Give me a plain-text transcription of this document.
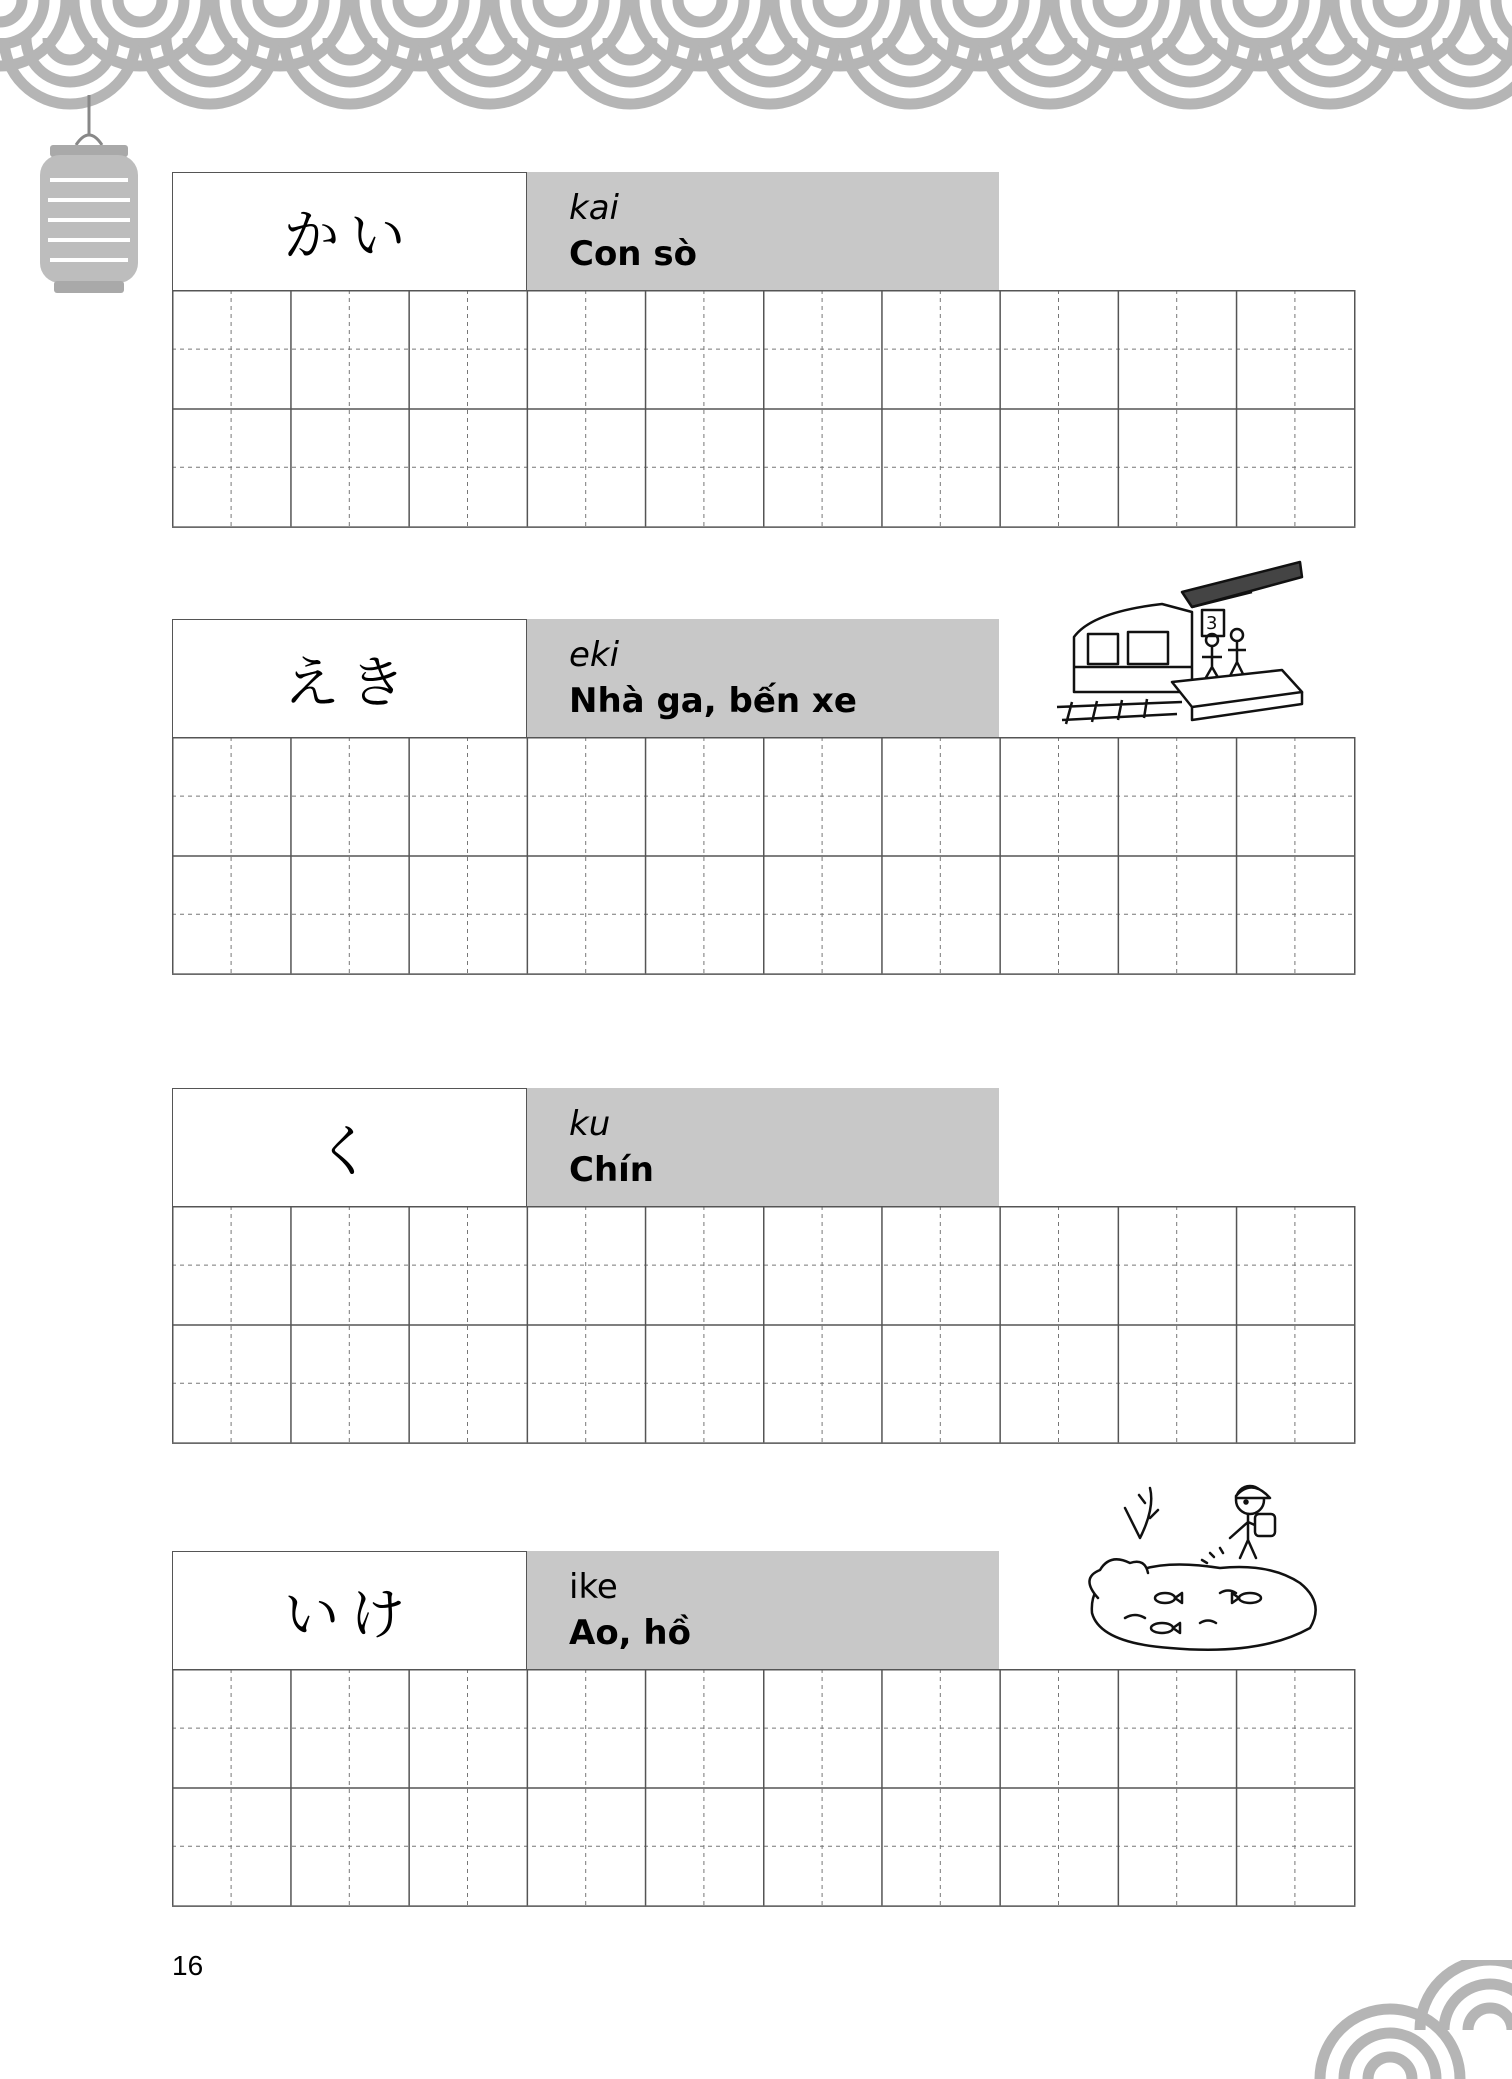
かい	kai
Con sò
えき	eki
Nhà ga, bến xe
3
く	ku
Chín
いけ	ike
Ao, hồ
16
